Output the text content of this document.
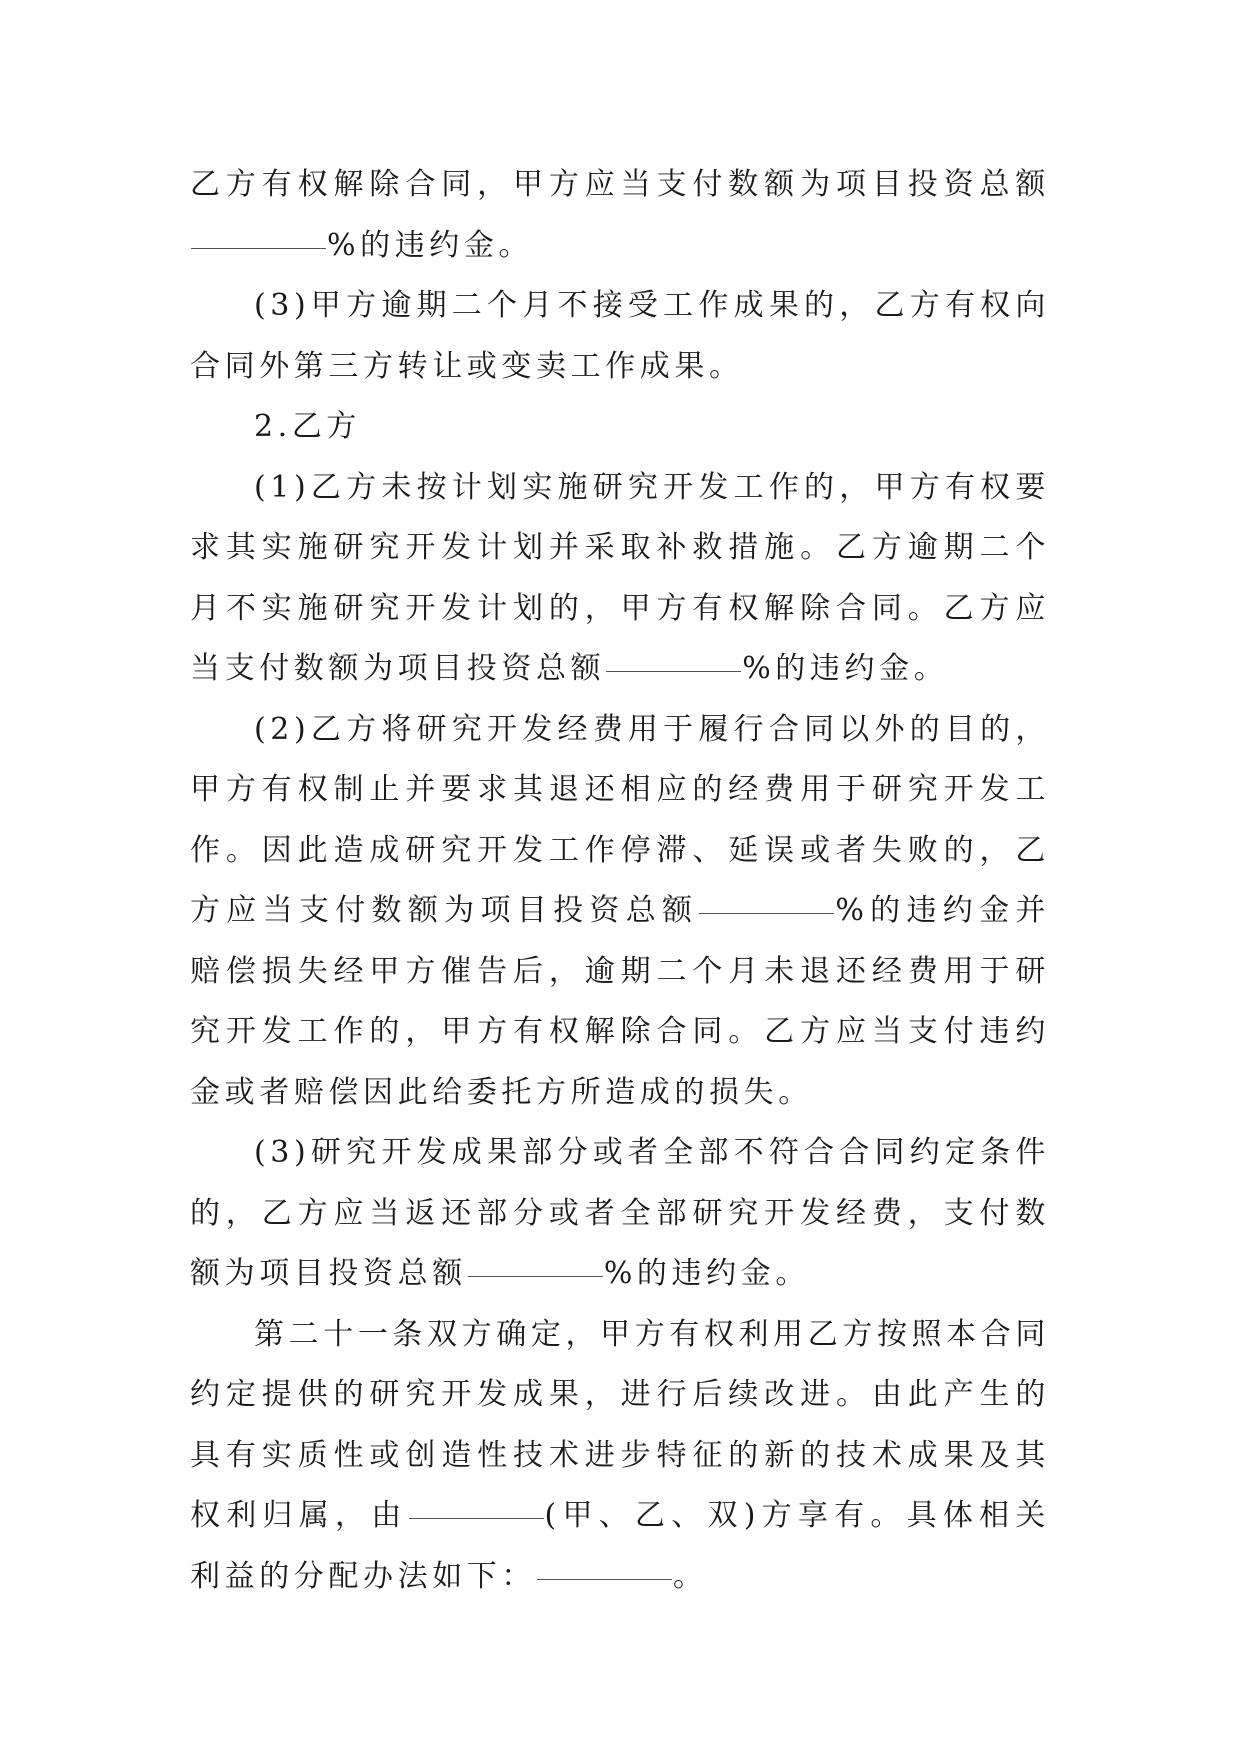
乙方有权解除合同，甲方应当支付数额为项目投资总额%的违约金。

(3)甲方逾期二个月不接受工作成果的，乙方有权向合同外第三方转让或变卖工作成果。

2.乙方

(1)乙方未按计划实施研究开发工作的，甲方有权要求其实施研究开发计划并采取补救措施。乙方逾期二个月不实施研究开发计划的，甲方有权解除合同。乙方应当支付数额为项目投资总额	%的违约金。

(2)乙方将研究开发经费用于履行合同以外的目的，甲方有权制止并要求其退还相应的经费用于研究开发工作。因此造成研究开发工作停滞、延误或者失败的，乙方应当支付数额为项目投资总额	%的违约金并赔偿损失经甲方催告后，逾期二个月未退还经费用于研究开发工作的，甲方有权解除合同。乙方应当支付违约金或者赔偿因此给委托方所造成的损失。

(3)研究开发成果部分或者全部不符合合同约定条件的，乙方应当返还部分或者全部研究开发经费，支付数额为项目投资总额	%的违约金。

第二十一条双方确定，甲方有权利用乙方按照本合同约定提供的研究开发成果，进行后续改进。由此产生的具有实质性或创造性技术进步特征的新的技术成果及其权利归属，由	(甲、乙、双)方享有。具体相关利益的分配办法如下：	。
